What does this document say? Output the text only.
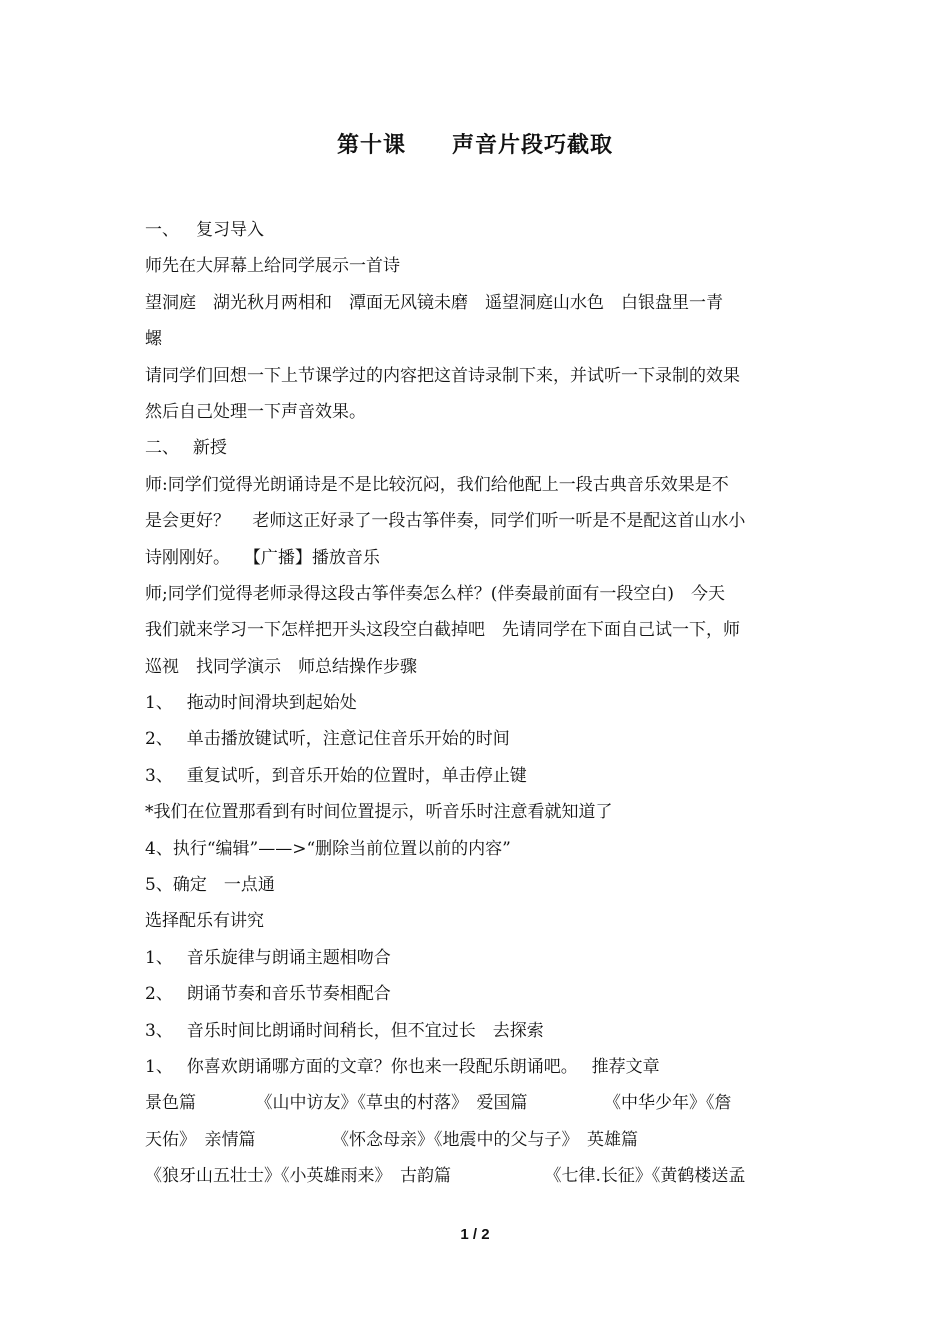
第十课 声音片段巧截取
一、　 复习导入
师先在大屏幕上给同学展示一首诗
望洞庭　湖光秋月两相和　潭面无风镜未磨　遥望洞庭山水色　白银盘里一青
螺
请同学们回想一下上节课学过的内容把这首诗录制下来，并试听一下录制的效果
然后自己处理一下声音效果。
二、　 新授
师:同学们觉得光朗诵诗是不是比较沉闷，我们给他配上一段古典音乐效果是不
是会更好？　 老师这正好录了一段古筝伴奏，同学们听一听是不是配这首山水小
诗刚刚好。　 【广播】播放音乐
师;同学们觉得老师录得这段古筝伴奏怎么样？(伴奏最前面有一段空白)　今天
我们就来学习一下怎样把开头这段空白截掉吧　先请同学在下面自己试一下，师
巡视　找同学演示　师总结操作步骤
1、　 拖动时间滑块到起始处
2、　 单击播放键试听，注意记住音乐开始的时间
3、　 重复试听，到音乐开始的位置时，单击停止键
*我们在位置那看到有时间位置提示，听音乐时注意看就知道了
4、执行“编辑”——>“删除当前位置以前的内容”
5、确定　一点通
选择配乐有讲究
1、　 音乐旋律与朗诵主题相吻合
2、　 朗诵节奏和音乐节奏相配合
3、　 音乐时间比朗诵时间稍长，但不宜过长　去探索
1、　 你喜欢朗诵哪方面的文章？你也来一段配乐朗诵吧。　 推荐文章
景色篇　　　　《山中访友》《草虫的村落》　爱国篇　　　　　《中华少年》《詹
天佑》　亲情篇　　　　　《怀念母亲》《地震中的父与子》　英雄篇
《狼牙山五壮士》《小英雄雨来》　古韵篇　　　　　　《七律.长征》《黄鹤楼送孟
1 / 2
